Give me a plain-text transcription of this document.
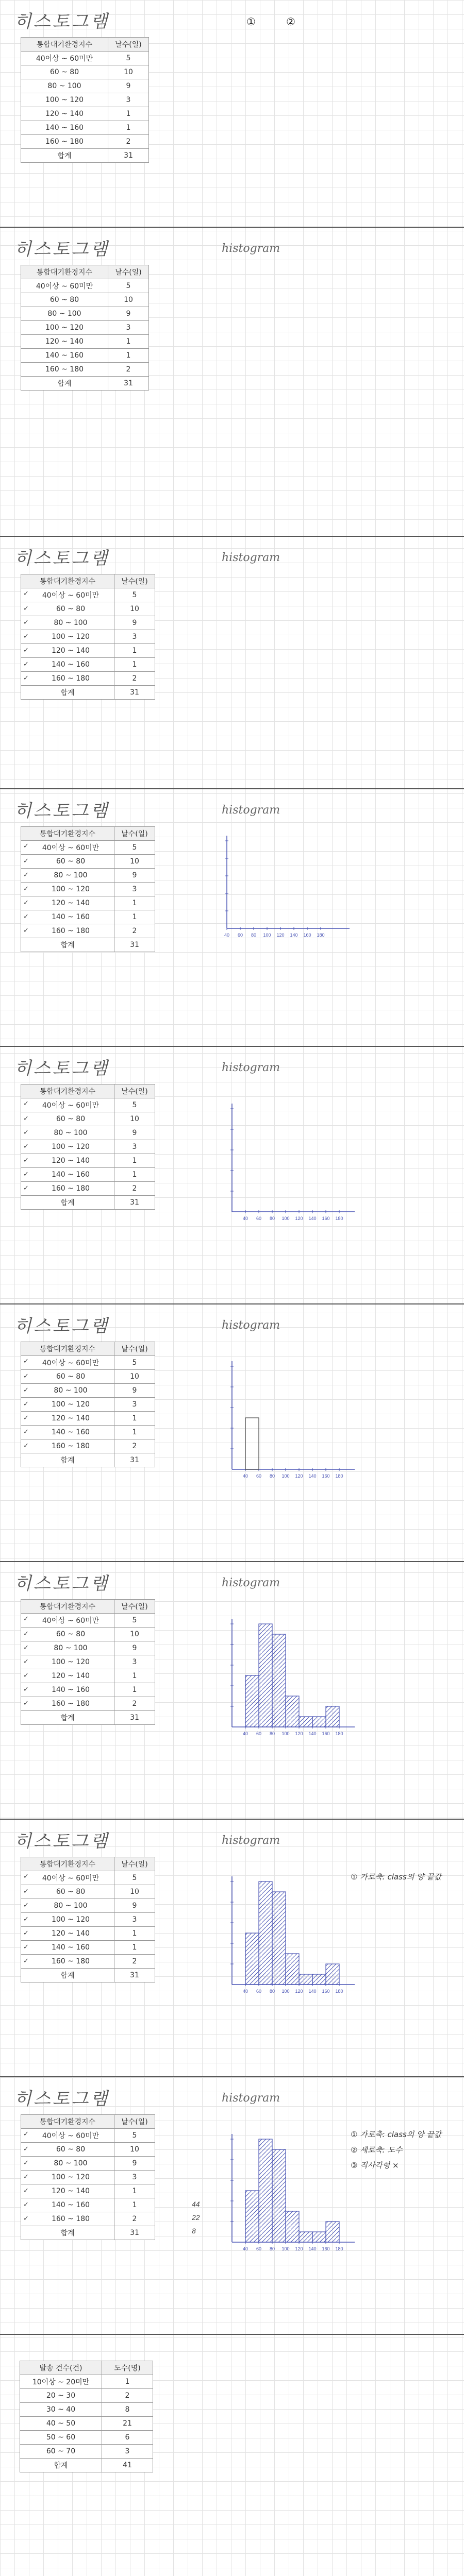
히스토그램	①	②
통합대기환경지수	날수(일)
40이상 ~ 60미만	5
60 ~ 80	10
80 ~ 100	9
100 ~ 120	3
120 ~ 140	1
140 ~ 160	1
160 ~ 180	2
합계	31
히스토그램	histogram
통합대기환경지수	날수(일)
40이상 ~ 60미만	5
60 ~ 80	10
80 ~ 100	9
100 ~ 120	3
120 ~ 140	1
140 ~ 160	1
160 ~ 180	2
합계	31
히스토그램	histogram
통합대기환경지수	날수(일)

✓ 40이상 ~ 60미만	5

✓ 60 ~ 80	10

✓ 80 ~ 100	9

✓ 100 ~ 120	3

✓ 120 ~ 140	1

✓ 140 ~ 160	1

✓ 160 ~ 180	2
합계	31
히스토그램	histogram
통합대기환경지수	날수(일)

✓ 40이상 ~ 60미만	5

✓ 60 ~ 80	10

✓ 80 ~ 100	9

✓ 100 ~ 120	3

✓ 120 ~ 140	1

✓ 140 ~ 160	1

✓ 160 ~ 180	2
합계	31
40 60 80 100 120 140 160 180
히스토그램	histogram
통합대기환경지수	날수(일)

✓ 40이상 ~ 60미만	5

✓ 60 ~ 80	10

✓ 80 ~ 100	9

✓ 100 ~ 120	3

✓ 120 ~ 140	1

✓ 140 ~ 160	1

✓ 160 ~ 180	2
합계	31
40 60 80 100 120 140 160 180
히스토그램	histogram
통합대기환경지수	날수(일)

✓ 40이상 ~ 60미만	5

✓ 60 ~ 80	10

✓ 80 ~ 100	9

✓ 100 ~ 120	3

✓ 120 ~ 140	1

✓ 140 ~ 160	1

✓ 160 ~ 180	2
합계	31
40 60 80 100 120 140 160 180
히스토그램	histogram
통합대기환경지수	날수(일)

✓ 40이상 ~ 60미만	5

✓ 60 ~ 80	10

✓ 80 ~ 100	9

✓ 100 ~ 120	3

✓ 120 ~ 140	1

✓ 140 ~ 160	1

✓ 160 ~ 180	2
합계	31
40 60 80 100 120 140 160 180
히스토그램	histogram
통합대기환경지수	날수(일)

✓ 40이상 ~ 60미만	5

✓ 60 ~ 80	10

✓ 80 ~ 100	9

✓ 100 ~ 120	3

✓ 120 ~ 140	1

✓ 140 ~ 160	1

✓ 160 ~ 180	2
합계	31
40 60 80 100 120 140 160 180
① 가로축: class의 양 끝값
히스토그램	histogram
통합대기환경지수	날수(일)

✓ 40이상 ~ 60미만	5

✓ 60 ~ 80	10

✓ 80 ~ 100	9

✓ 100 ~ 120	3

✓ 120 ~ 140	1

✓ 140 ~ 160	1

✓ 160 ~ 180	2
합계	31
44
22
8
40 60 80 100 120 140 160 180
① 가로축: class의 양 끝값
② 세로축: 도수
③ 직사각형 ×
발송 건수(건)	도수(명)
10이상 ~ 20미만	1
20 ~ 30	2
30 ~ 40	8
40 ~ 50	21
50 ~ 60	6
60 ~ 70	3
합계	41
